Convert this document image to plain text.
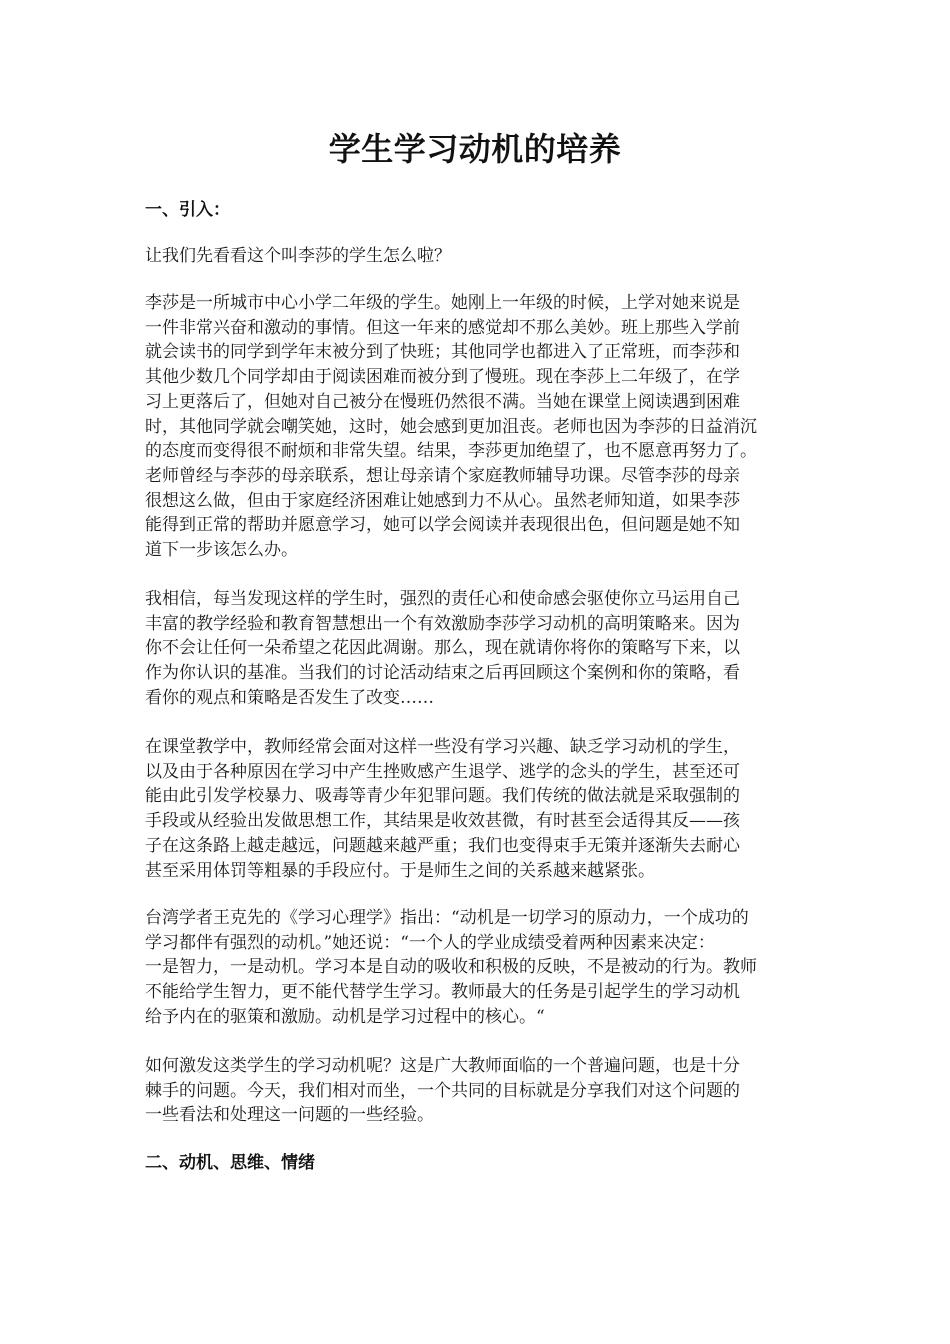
学生学习动机的培养
一、引入：

让我们先看看这个叫李莎的学生怎么啦？

李莎是一所城市中心小学二年级的学生。她刚上一年级的时候，上学对她来说是
一件非常兴奋和激动的事情。但这一年来的感觉却不那么美妙。班上那些入学前
就会读书的同学到学年末被分到了快班；其他同学也都进入了正常班，而李莎和
其他少数几个同学却由于阅读困难而被分到了慢班。现在李莎上二年级了，在学
习上更落后了，但她对自己被分在慢班仍然很不满。当她在课堂上阅读遇到困难
时，其他同学就会嘲笑她，这时，她会感到更加沮丧。老师也因为李莎的日益消沉
的态度而变得很不耐烦和非常失望。结果，李莎更加绝望了，也不愿意再努力了。
老师曾经与李莎的母亲联系，想让母亲请个家庭教师辅导功课。尽管李莎的母亲
很想这么做，但由于家庭经济困难让她感到力不从心。虽然老师知道，如果李莎
能得到正常的帮助并愿意学习，她可以学会阅读并表现很出色，但问题是她不知
道下一步该怎么办。

我相信，每当发现这样的学生时，强烈的责任心和使命感会驱使你立马运用自己
丰富的教学经验和教育智慧想出一个有效激励李莎学习动机的高明策略来。因为
你不会让任何一朵希望之花因此凋谢。那么，现在就请你将你的策略写下来，以
作为你认识的基准。当我们的讨论活动结束之后再回顾这个案例和你的策略，看
看你的观点和策略是否发生了改变……

在课堂教学中，教师经常会面对这样一些没有学习兴趣、缺乏学习动机的学生，
以及由于各种原因在学习中产生挫败感产生退学、逃学的念头的学生，甚至还可
能由此引发学校暴力、吸毒等青少年犯罪问题。我们传统的做法就是采取强制的
手段或从经验出发做思想工作，其结果是收效甚微，有时甚至会适得其反——孩
子在这条路上越走越远，问题越来越严重；我们也变得束手无策并逐渐失去耐心
甚至采用体罚等粗暴的手段应付。于是师生之间的关系越来越紧张。

台湾学者王克先的《学习心理学》指出：“动机是一切学习的原动力，一个成功的
学习都伴有强烈的动机。”她还说：“一个人的学业成绩受着两种因素来决定：
一是智力，一是动机。学习本是自动的吸收和积极的反映，不是被动的行为。教师
不能给学生智力，更不能代替学生学习。教师最大的任务是引起学生的学习动机
给予内在的驱策和激励。动机是学习过程中的核心。“

如何激发这类学生的学习动机呢？这是广大教师面临的一个普遍问题，也是十分
棘手的问题。今天，我们相对而坐，一个共同的目标就是分享我们对这个问题的
一些看法和处理这一问题的一些经验。

二、动机、思维、情绪
